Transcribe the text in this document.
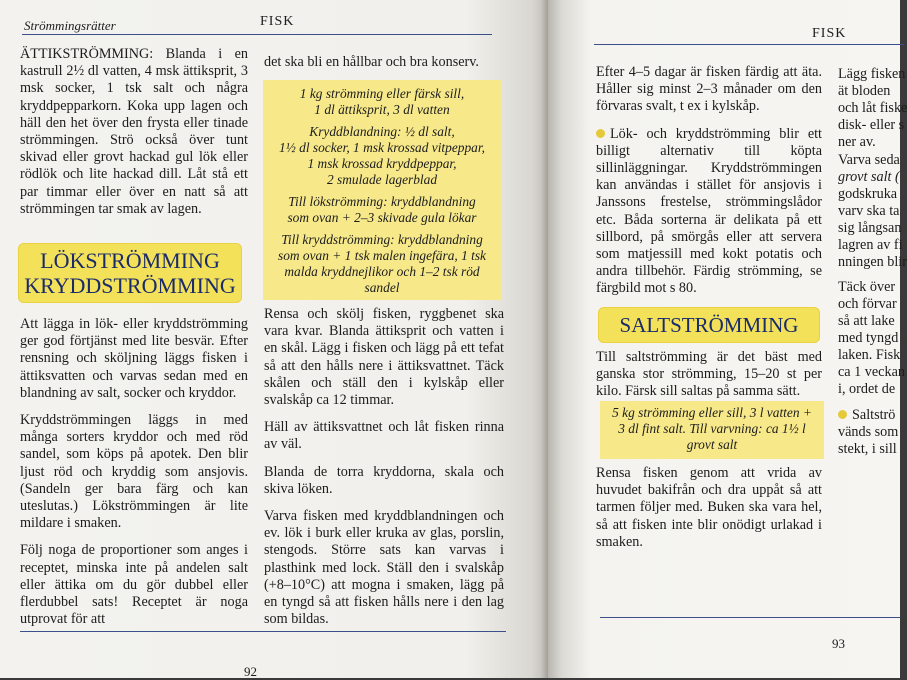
Strömmingsrätter	FISK

ÄTTIKSTRÖMMING: Blanda i en kastrull 2½ dl vatten, 4 msk ättiksprit, 3 msk socker, 1 tsk salt och några kryddpepparkorn. Koka upp lagen och häll den het över den frysta eller tinade strömmingen. Strö också över tunt skivad eller grovt hackad gul lök eller rödlök och lite hackad dill. Låt stå ett par timmar eller över en natt så att strömmingen tar smak av lagen.

LÖKSTRÖMMING
KRYDDSTRÖMMING

Att lägga in lök- eller kryddströmming ger god förtjänst med lite besvär. Efter rensning och sköljning läggs fisken i ättiksvatten och varvas sedan med en blandning av salt, socker och kryddor.

Kryddströmmingen läggs in med många sorters kryddor och med röd sandel, som köps på apotek. Den blir ljust röd och kryddig som ansjovis. (Sandeln ger bara färg och kan uteslutas.) Lökströmmingen är lite mildare i smaken.

Följ noga de proportioner som anges i receptet, minska inte på andelen salt eller ättika om du gör dubbel eller flerdubbel sats! Receptet är noga utprovat för att

det ska bli en hållbar och bra konserv.

1 kg strömming eller färsk sill,
1 dl ättiksprit, 3 dl vatten
Kryddblandning: ½ dl salt,
1½ dl socker, 1 msk krossad vitpeppar,
1 msk krossad kryddpeppar,
2 smulade lagerblad
Till lökströmming: kryddblandning
som ovan + 2–3 skivade gula lökar
Till kryddströmming: kryddblandning som ovan + 1 tsk malen ingefära, 1 tsk malda kryddnejlikor och 1–2 tsk röd sandel

Rensa och skölj fisken, ryggbenet ska vara kvar. Blanda ättiksprit och vatten i en skål. Lägg i fisken och lägg på ett tefat så att den hålls nere i ättiksvattnet. Täck skålen och ställ den i kylskåp eller svalskåp ca 12 timmar.

Häll av ättiksvattnet och låt fisken rinna av väl.

Blanda de torra kryddorna, skala och skiva löken.

Varva fisken med kryddblandningen och ev. lök i burk eller kruka av glas, porslin, stengods. Större sats kan varvas i plasthink med lock. Ställ den i svalskåp (+8–10°C) att mogna i smaken, lägg på en tyngd så att fisken hålls nere i den lag som bildas.

92
FISK

Efter 4–5 dagar är fisken färdig att äta. Håller sig minst 2–3 månader om den förvaras svalt, t ex i kylskåp.

Lök- och kryddströmming blir ett billigt alternativ till köpta sillinläggningar. Kryddströmmingen kan användas i stället för ansjovis i Janssons frestelse, strömmingslådor etc. Båda sorterna är delikata på ett sillbord, på smörgås eller att servera som matjessill med kokt potatis och andra tillbehör. Färdig strömming, se färgbild mot s 80.

SALTSTRÖMMING

Till saltströmming är det bäst med ganska stor strömming, 15–20 st per kilo. Färsk sill saltas på samma sätt.

5 kg strömming eller sill, 3 l vatten +
3 dl fint salt. Till varvning: ca 1½ l
grovt salt

Rensa fisken genom att vrida av huvudet bakifrån och dra uppåt så att tarmen följer med. Buken ska vara hel, så att fisken inte blir onödigt urlakad i smaken.

Lägg fisken
ät bloden
och låt fiske
disk- eller s
ner av.
Varva seda
grovt salt (
godskruka
varv ska ta
sig långsan
lagren av fi
nningen blir
Täck över
och förvar
så att lake
med tyngd
laken. Fisk
ca 1 veckan
i, ordet de
Saltströ
vänds som
stekt, i sill
93
